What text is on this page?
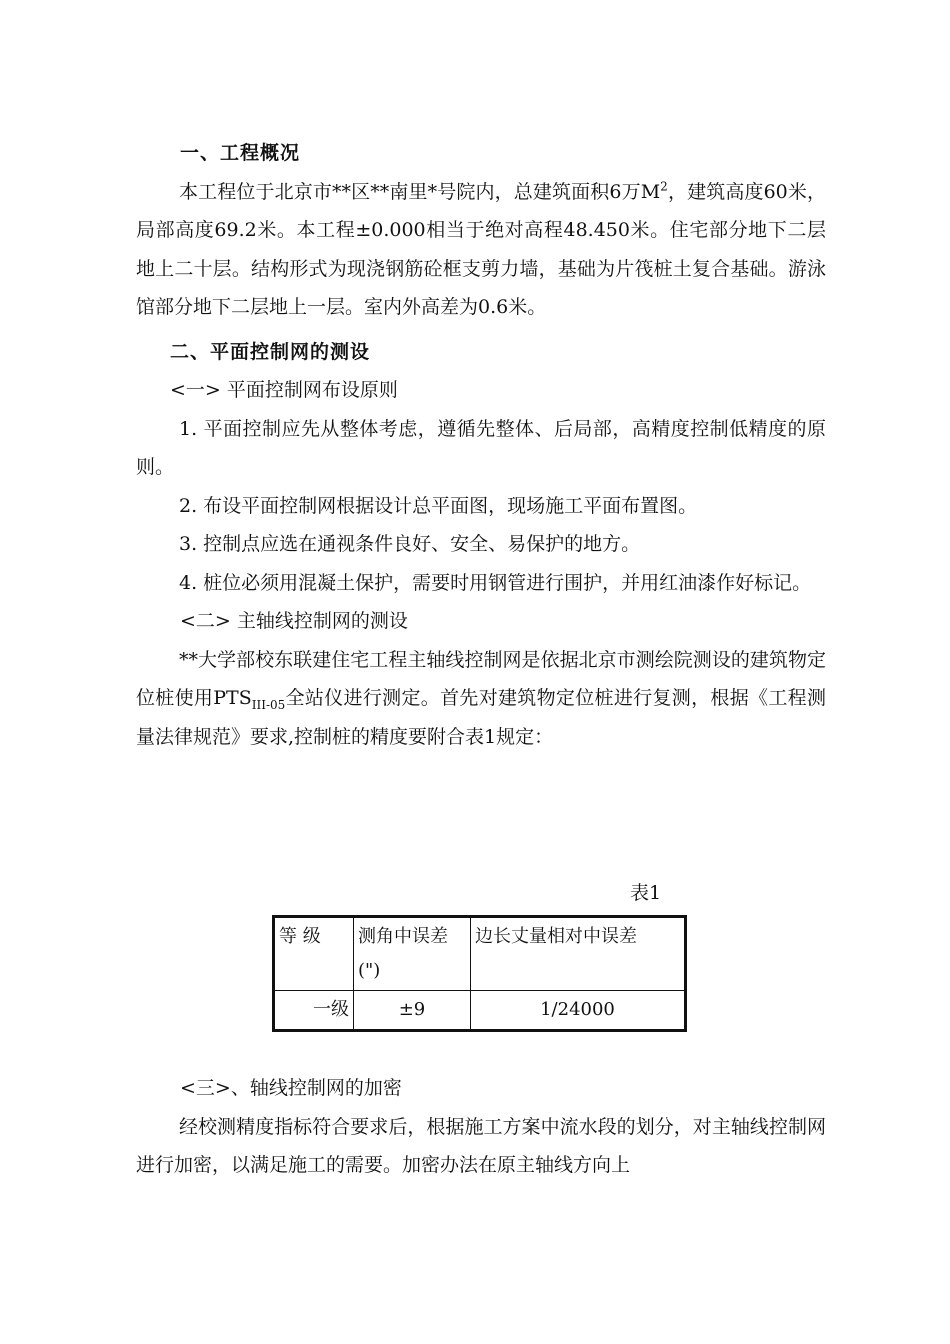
一、工程概况

本工程位于北京市**区**南里*号院内，总建筑面积6万$M^2$，建筑高度60米，局部高度69.2米。本工程±0.000相当于绝对高程48.450米。住宅部分地下二层地上二十层。结构形式为现浇钢筋砼框支剪力墙，基础为片筏桩土复合基础。游泳馆部分地下二层地上一层。室内外高差为0.6米。

二、平面控制网的测设

<一> 平面控制网布设原则

1. 平面控制应先从整体考虑，遵循先整体、后局部，高精度控制低精度的原则。

2. 布设平面控制网根据设计总平面图，现场施工平面布置图。

3. 控制点应选在通视条件良好、安全、易保护的地方。

4. 桩位必须用混凝土保护，需要时用钢管进行围护，并用红油漆作好标记。

<二> 主轴线控制网的测设

**大学部校东联建住宅工程主轴线控制网是依据北京市测绘院测设的建筑物定位桩使用$PTS_{III-05}$全站仪进行测定。首先对建筑物定位桩进行复测，根据《工程测量法律规范》要求,控制桩的精度要附合表1规定：

表1
等 级	测角中误差(")	边长丈量相对中误差
一级	±9	1/24000

<三>、轴线控制网的加密

经校测精度指标符合要求后，根据施工方案中流水段的划分，对主轴线控制网进行加密，以满足施工的需要。加密办法在原主轴线方向上
